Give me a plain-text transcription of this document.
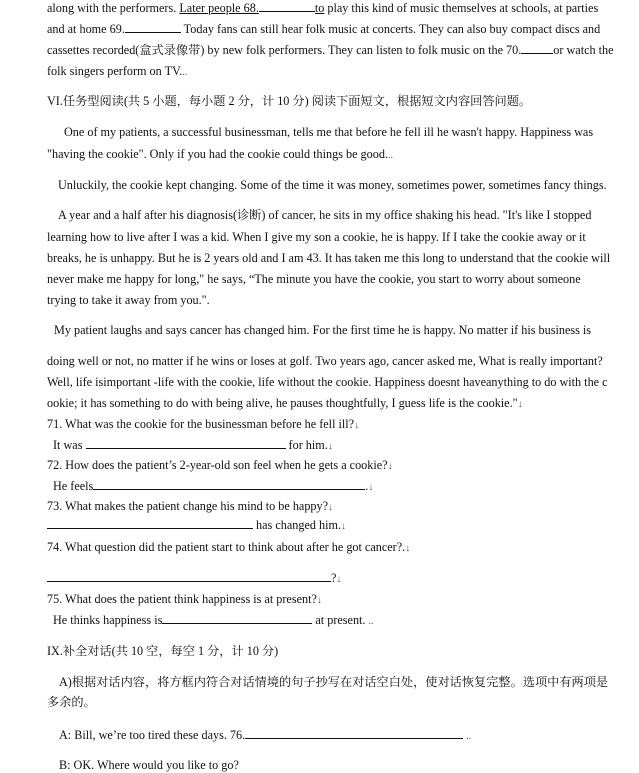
along with the performers. Later people 68.	to play this kind of music themselves at schools, at parties
and at home 69.	Today fans can still hear folk music at concerts. They can also buy compact discs and
cassettes recorded(盒式录像带) by new folk performers. They can listen to folk music on the 70.	or watch the
folk singers perform on TV...
VI.任务型阅读(共 5 小题，每小题 2 分，计 10 分) 阅读下面短文，根据短文内容回答问题。
One of my patients, a successful businessman, tells me that before he fell ill he wasn't happy. Happiness was
"having the cookie". Only if you had the cookie could things be good...
Unluckily, the cookie kept changing. Some of the time it was money, sometimes power, sometimes fancy things.
A year and a half after his diagnosis(诊断) of cancer, he sits in my office shaking his head. "It's like I stopped
learning how to live after I was a kid. When I give my son a cookie, he is happy. If I take the cookie away or it
breaks, he is unhappy. But he is 2 years old and I am 43. It has taken me this long to understand that the cookie will
never make me happy for long," he says, “The minute you have the cookie, you start to worry about someone
trying to take it away from you.".
My patient laughs and says cancer has changed him. For the first time he is happy. No matter if his business is
doing well or not, no matter if he wins or loses at golf. Two years ago, cancer asked me, What is really important?
Well, life isimportant -life with the cookie, life without the cookie. Happiness doesnt haveanything to do with the c
ookie; it has something to do with being alive, he pauses thoughtfully, I guess life is the cookie."↓
71. What was the cookie for the businessman before he fell ill?↓
It was	for him.↓
72. How does the patient’s 2-year-old son feel when he gets a cookie?↓
He feels	.↓
73. What makes the patient change his mind to be happy?↓
has changed him.↓
74. What question did the patient start to think about after he got cancer?.↓
?↓
75. What does the patient think happiness is at present?↓
He thinks happiness is	at present. ..
IX.补全对话(共 10 空，每空 1 分，计 10 分)
A)根据对话内容，将方框内符合对话情境的句子抄写在对话空白处，使对话恢复完整。选项中有两项是
多余的。
A: Bill, we’re too tired these days. 76.	..
B: OK. Where would you like to go?
